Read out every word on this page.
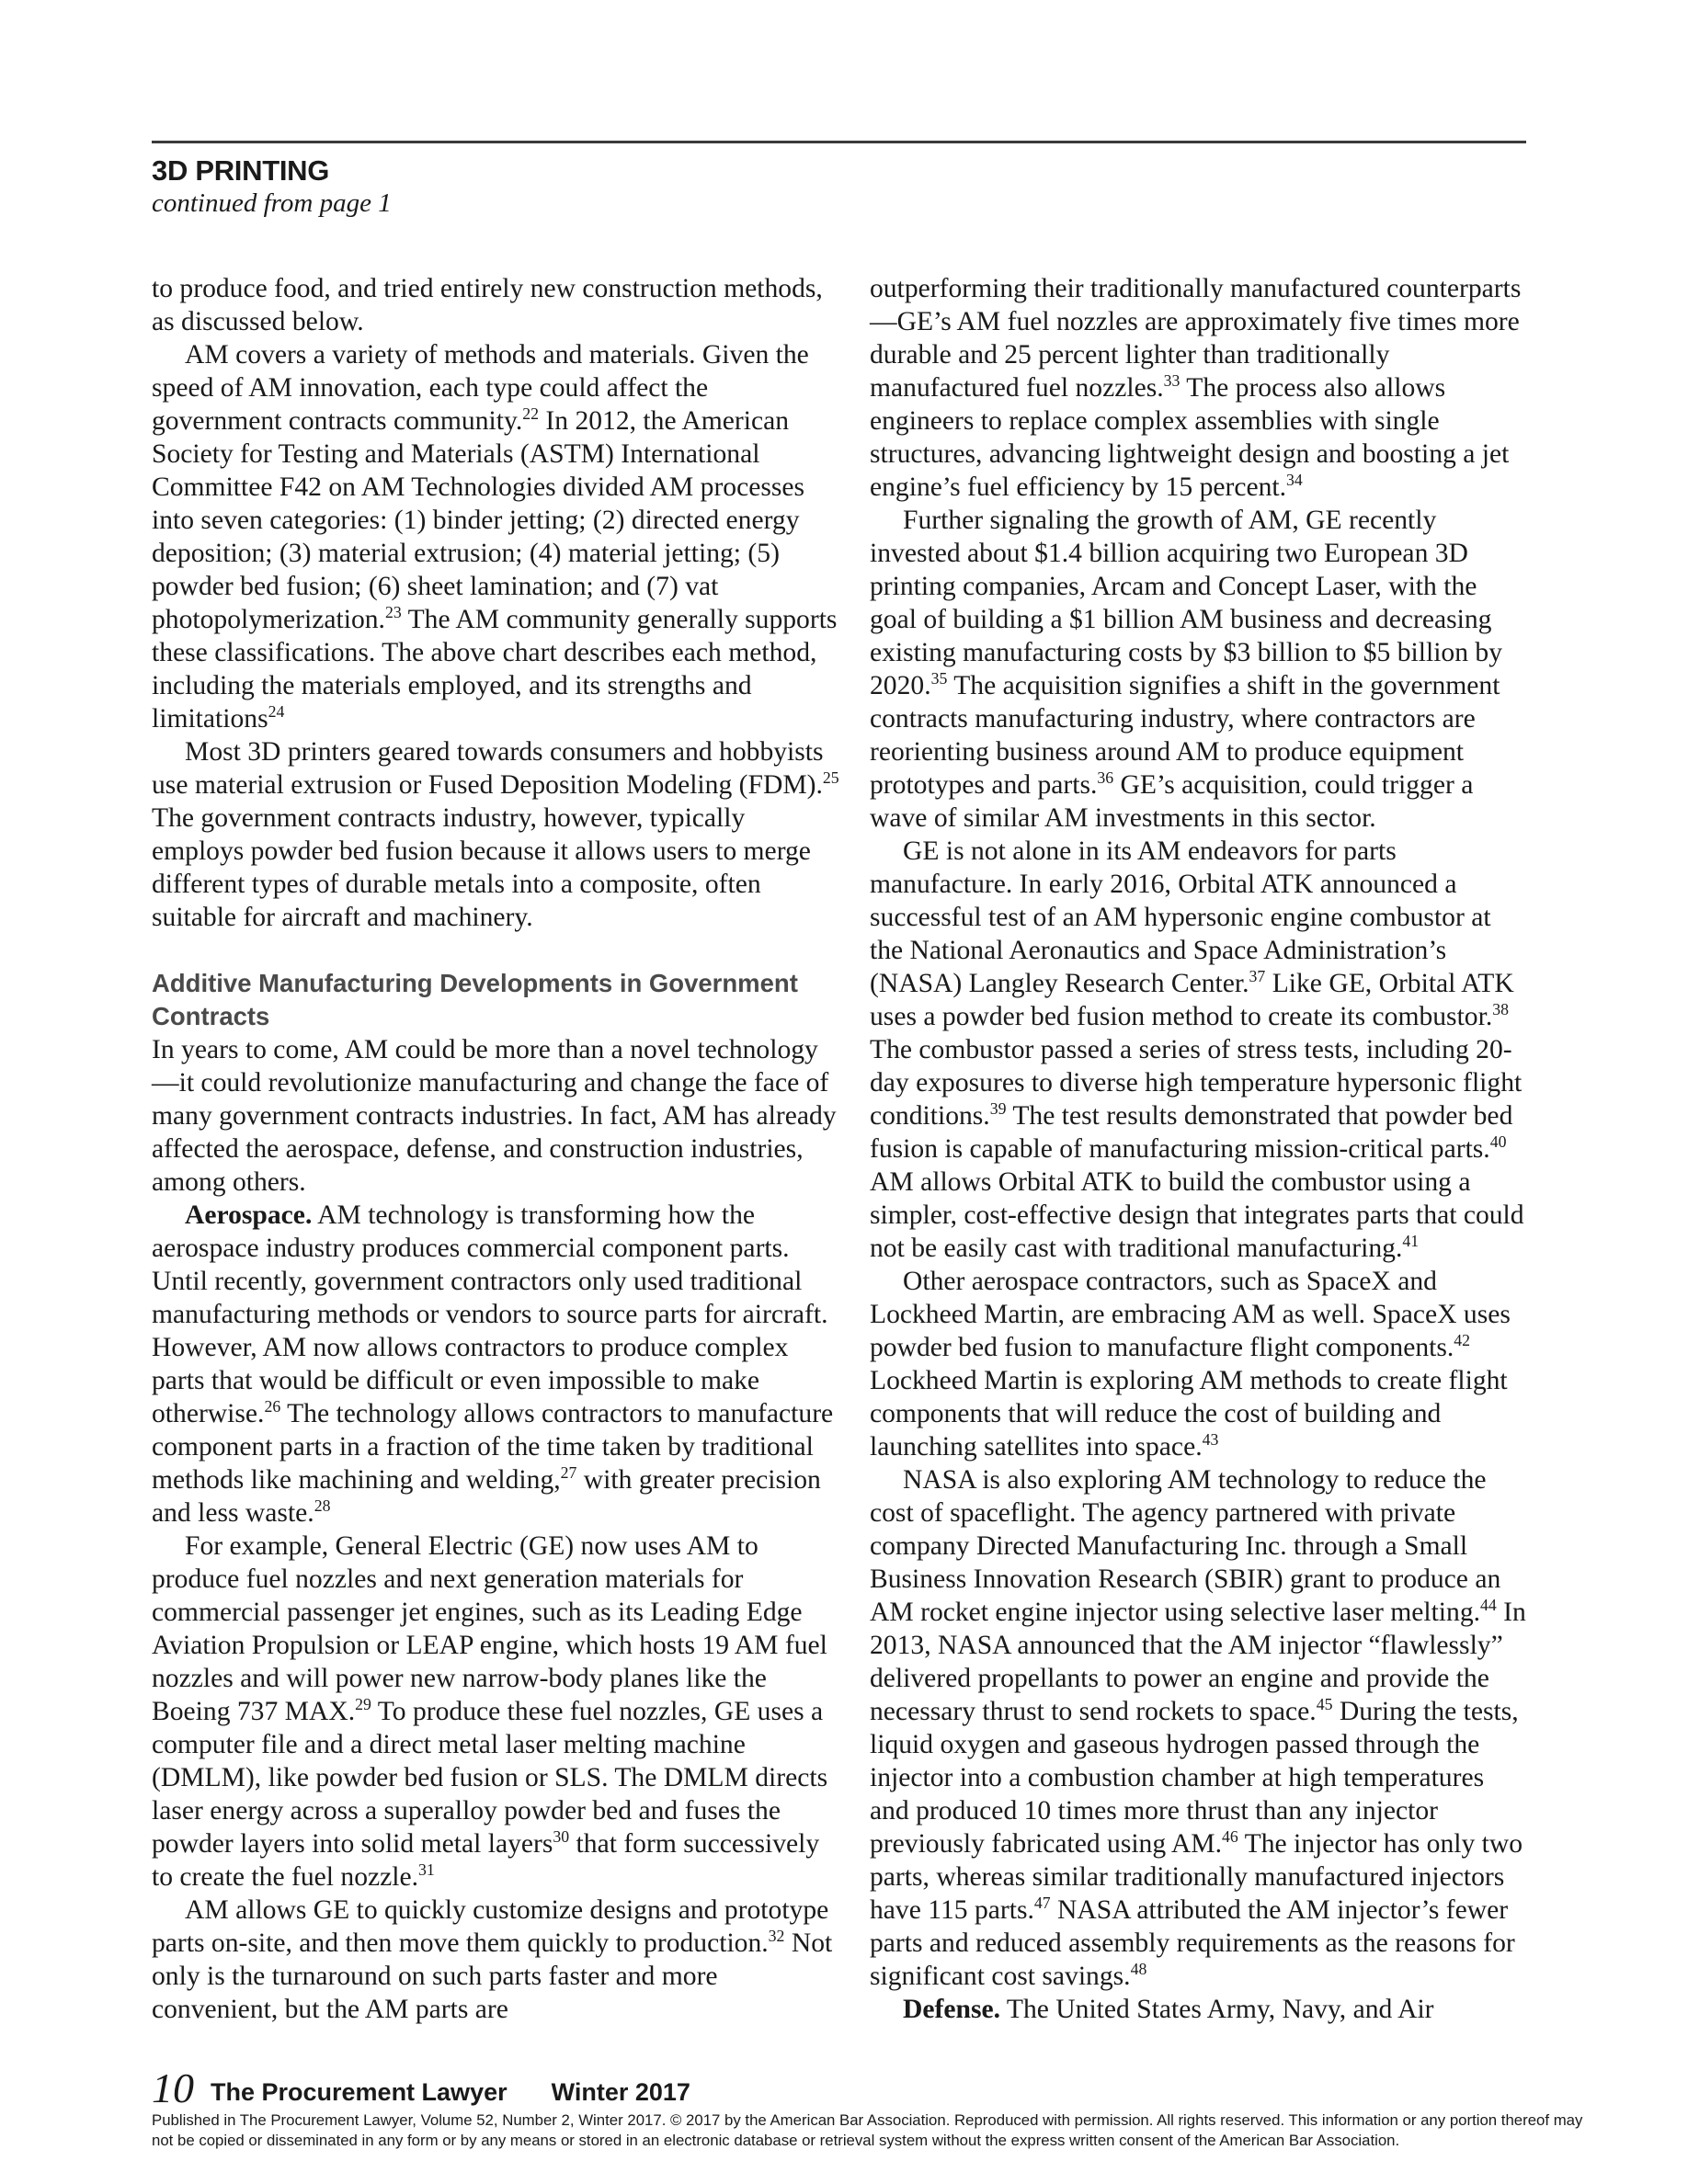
3D PRINTING
continued from page 1

to produce food, and tried entirely new construction methods, as discussed below.

AM covers a variety of methods and materials. Given the speed of AM innovation, each type could affect the government contracts community.$^{22}$ In 2012, the American Society for Testing and Materials (ASTM) International Committee F42 on AM Technologies divided AM processes into seven categories: (1) binder jetting; (2) directed energy deposition; (3) material extrusion; (4) material jetting; (5) powder bed fusion; (6) sheet lamination; and (7) vat photopolymerization.$^{23}$ The AM community generally supports these classifications. The above chart describes each method, including the materials employed, and its strengths and limitations$^{24}$

Most 3D printers geared towards consumers and hobbyists use material extrusion or Fused Deposition Modeling (FDM).$^{25}$ The government contracts industry, however, typically employs powder bed fusion because it allows users to merge different types of durable metals into a composite, often suitable for aircraft and machinery.

Additive Manufacturing Developments in Government Contracts

In years to come, AM could be more than a novel technology—it could revolutionize manufacturing and change the face of many government contracts industries. In fact, AM has already affected the aerospace, defense, and construction industries, among others.

Aerospace. AM technology is transforming how the aerospace industry produces commercial component parts. Until recently, government contractors only used traditional manufacturing methods or vendors to source parts for aircraft. However, AM now allows contractors to produce complex parts that would be difficult or even impossible to make otherwise.$^{26}$ The technology allows contractors to manufacture component parts in a fraction of the time taken by traditional methods like machining and welding,$^{27}$ with greater precision and less waste.$^{28}$

For example, General Electric (GE) now uses AM to produce fuel nozzles and next generation materials for commercial passenger jet engines, such as its Leading Edge Aviation Propulsion or LEAP engine, which hosts 19 AM fuel nozzles and will power new narrow-body planes like the Boeing 737 MAX.$^{29}$ To produce these fuel nozzles, GE uses a computer file and a direct metal laser melting machine (DMLM), like powder bed fusion or SLS. The DMLM directs laser energy across a superalloy powder bed and fuses the powder layers into solid metal layers$^{30}$ that form successively to create the fuel nozzle.$^{31}$

AM allows GE to quickly customize designs and prototype parts on-site, and then move them quickly to production.$^{32}$ Not only is the turnaround on such parts faster and more convenient, but the AM parts are

outperforming their traditionally manufactured counterparts—GE’s AM fuel nozzles are approximately five times more durable and 25 percent lighter than traditionally manufactured fuel nozzles.$^{33}$ The process also allows engineers to replace complex assemblies with single structures, advancing lightweight design and boosting a jet engine’s fuel efficiency by 15 percent.$^{34}$

Further signaling the growth of AM, GE recently invested about $1.4 billion acquiring two European 3D printing companies, Arcam and Concept Laser, with the goal of building a $1 billion AM business and decreasing existing manufacturing costs by $3 billion to $5 billion by 2020.35 The acquisition signifies a shift in the government contracts manufacturing industry, where contractors are reorienting business around AM to produce equipment prototypes and parts.$^{36}$ GE’s acquisition, could trigger a wave of similar AM investments in this sector.

GE is not alone in its AM endeavors for parts manufacture. In early 2016, Orbital ATK announced a successful test of an AM hypersonic engine combustor at the National Aeronautics and Space Administration’s (NASA) Langley Research Center.$^{37}$ Like GE, Orbital ATK uses a powder bed fusion method to create its combustor.$^{38}$ The combustor passed a series of stress tests, including 20-day exposures to diverse high temperature hypersonic flight conditions.$^{39}$ The test results demonstrated that powder bed fusion is capable of manufacturing mission-critical parts.$^{40}$ AM allows Orbital ATK to build the combustor using a simpler, cost-effective design that integrates parts that could not be easily cast with traditional manufacturing.$^{41}$

Other aerospace contractors, such as SpaceX and Lockheed Martin, are embracing AM as well. SpaceX uses powder bed fusion to manufacture flight components.$^{42}$ Lockheed Martin is exploring AM methods to create flight components that will reduce the cost of building and launching satellites into space.$^{43}$

NASA is also exploring AM technology to reduce the cost of spaceflight. The agency partnered with private company Directed Manufacturing Inc. through a Small Business Innovation Research (SBIR) grant to produce an AM rocket engine injector using selective laser melting.$^{44}$ In 2013, NASA announced that the AM injector “flawlessly” delivered propellants to power an engine and provide the necessary thrust to send rockets to space.$^{45}$ During the tests, liquid oxygen and gaseous hydrogen passed through the injector into a combustion chamber at high temperatures and produced 10 times more thrust than any injector previously fabricated using AM.$^{46}$ The injector has only two parts, whereas similar traditionally manufactured injectors have 115 parts.$^{47}$ NASA attributed the AM injector’s fewer parts and reduced assembly requirements as the reasons for significant cost savings.$^{48}$

Defense. The United States Army, Navy, and Air

10 The Procurement Lawyer Winter 2017
Published in The Procurement Lawyer, Volume 52, Number 2, Winter 2017. © 2017 by the American Bar Association. Reproduced with permission. All rights reserved. This information or any portion thereof may not be copied or disseminated in any form or by any means or stored in an electronic database or retrieval system without the express written consent of the American Bar Association.
